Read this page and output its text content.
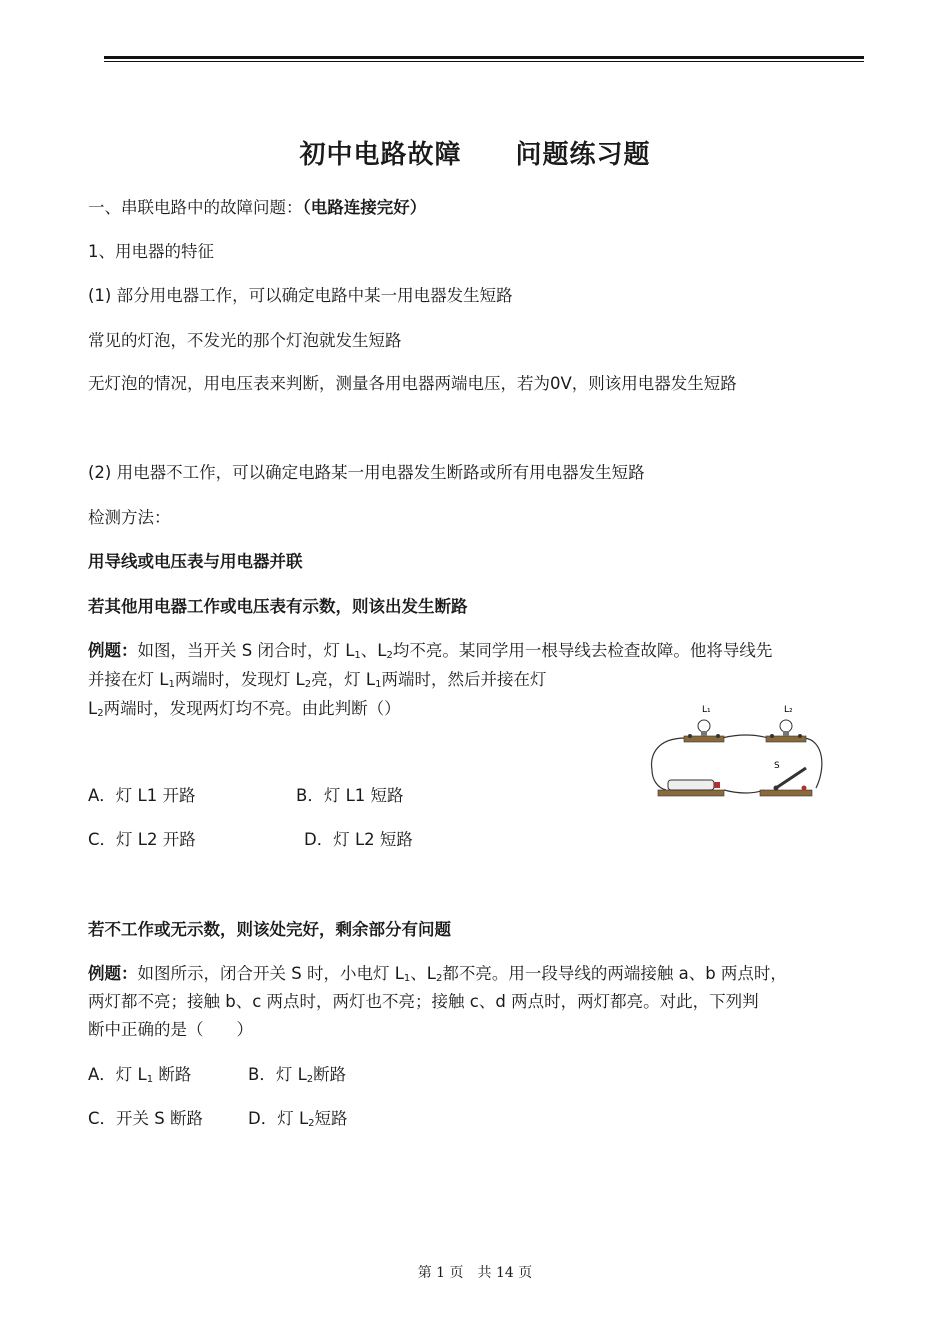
初中电路故障　　问题练习题
一、串联电路中的故障问题：（电路连接完好）
1、用电器的特征
(1) 部分用电器工作，可以确定电路中某一用电器发生短路
常见的灯泡，不发光的那个灯泡就发生短路
无灯泡的情况，用电压表来判断，测量各用电器两端电压，若为0V，则该用电器发生短路
(2) 用电器不工作，可以确定电路某一用电器发生断路或所有用电器发生短路
检测方法：
用导线或电压表与用电器并联
若其他用电器工作或电压表有示数，则该出发生断路
例题：如图，当开关 S 闭合时，灯 $L_1$、$L_2$均不亮。某同学用一根导线去检查故障。他将导线先
并接在灯 $L_1$两端时，发现灯 $L_2$亮，灯 $L_1$两端时，然后并接在灯
$L_2$两端时，发现两灯均不亮。由此判断（）	L₁	L₂
S
A．灯 L1 开路	B．灯 L1 短路
C．灯 L2 开路	D．灯 L2 短路
若不工作或无示数，则该处完好，剩余部分有问题
例题：如图所示，闭合开关 S 时，小电灯 $L_1$、$L_2$都不亮。用一段导线的两端接触 a、b 两点时，
两灯都不亮；接触 b、c 两点时，两灯也不亮；接触 c、d 两点时，两灯都亮。对此，下列判
断中正确的是（　　）
A．灯 $L_1$ 断路	B．灯 $L_2$断路
C．开关 S 断路	D．灯 $L_2$短路
第 1 页　共 14 页
